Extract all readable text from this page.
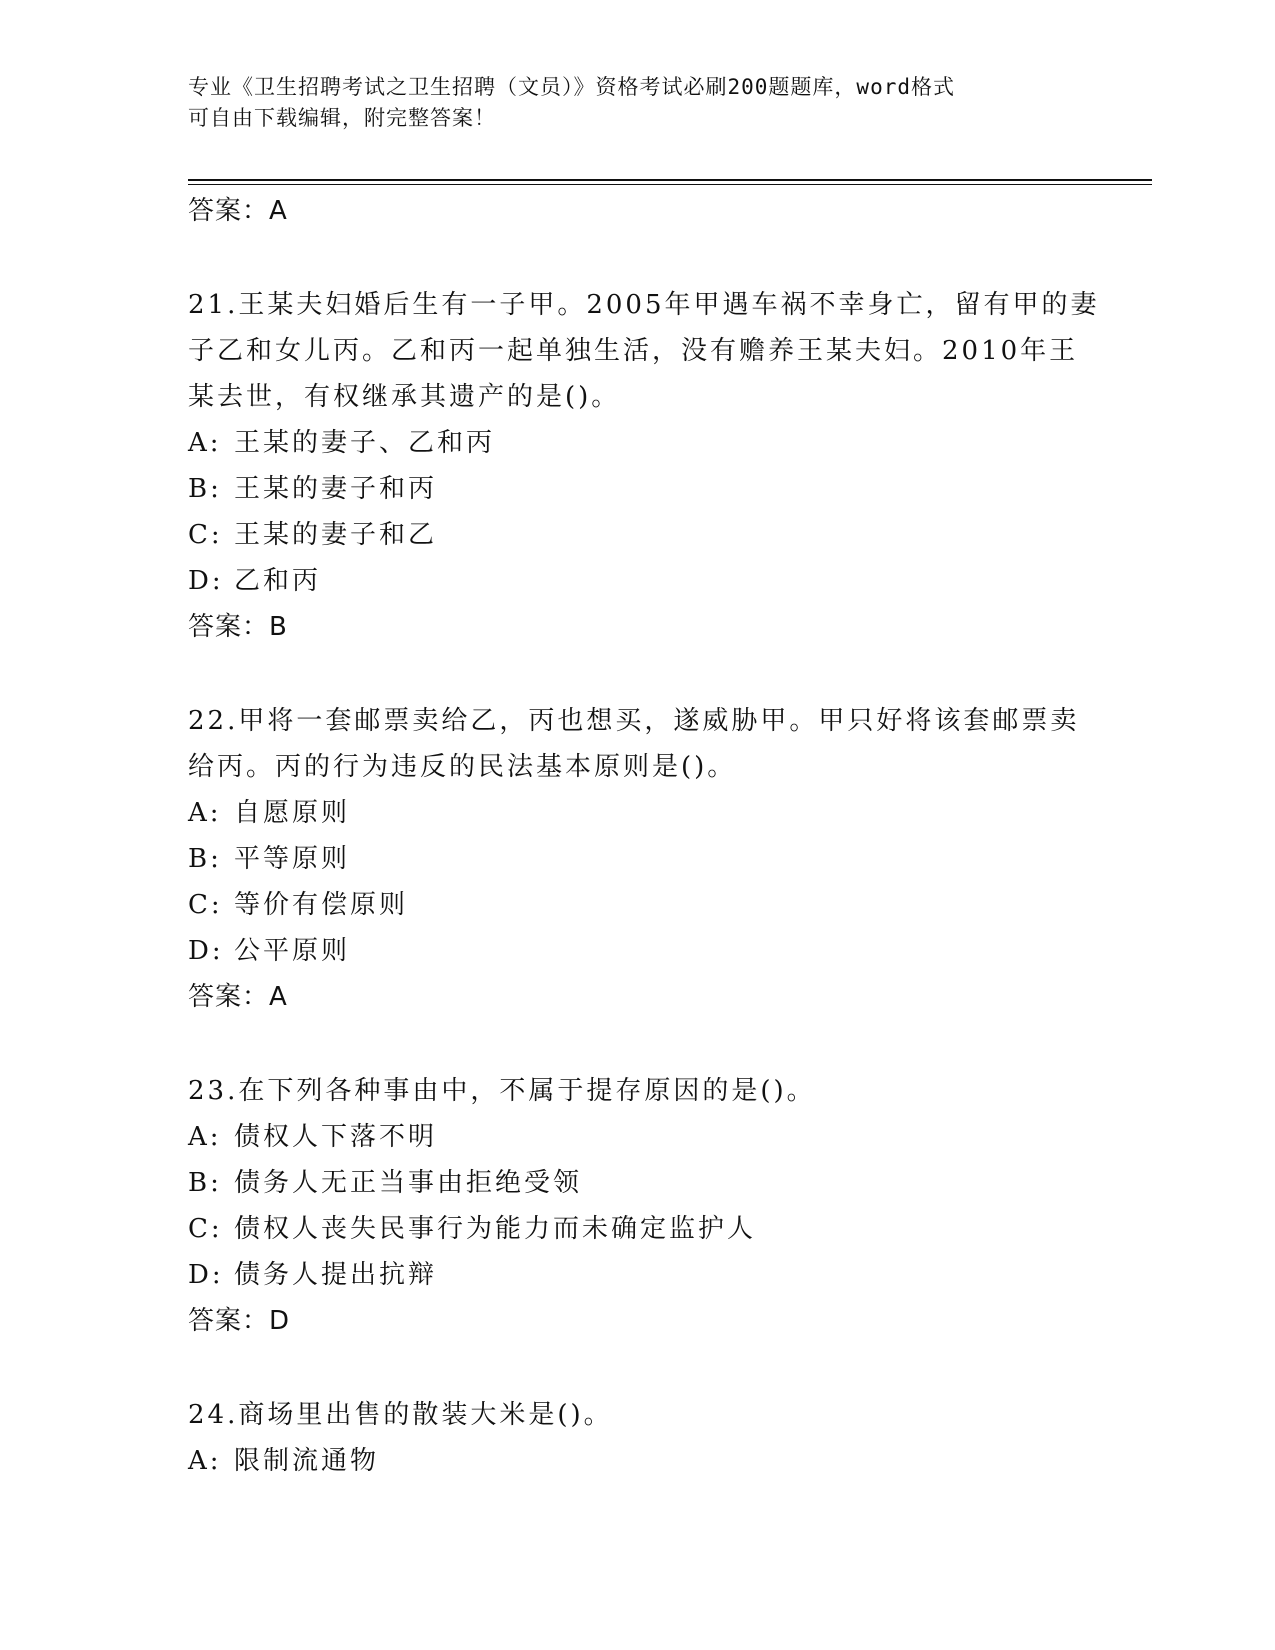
专业《卫生招聘考试之卫生招聘（文员）》资格考试必刷200题题库，word格式
可自由下载编辑，附完整答案！
答案：A
21.王某夫妇婚后生有一子甲。2005年甲遇车祸不幸身亡，留有甲的妻
子乙和女儿丙。乙和丙一起单独生活，没有赡养王某夫妇。2010年王
某去世，有权继承其遗产的是()。
A: 王某的妻子、乙和丙
B: 王某的妻子和丙
C: 王某的妻子和乙
D: 乙和丙
答案：B
22.甲将一套邮票卖给乙，丙也想买，遂威胁甲。甲只好将该套邮票卖
给丙。丙的行为违反的民法基本原则是()。
A: 自愿原则
B: 平等原则
C: 等价有偿原则
D: 公平原则
答案：A
23.在下列各种事由中，不属于提存原因的是()。
A: 债权人下落不明
B: 债务人无正当事由拒绝受领
C: 债权人丧失民事行为能力而未确定监护人
D: 债务人提出抗辩
答案：D
24.商场里出售的散装大米是()。
A: 限制流通物
